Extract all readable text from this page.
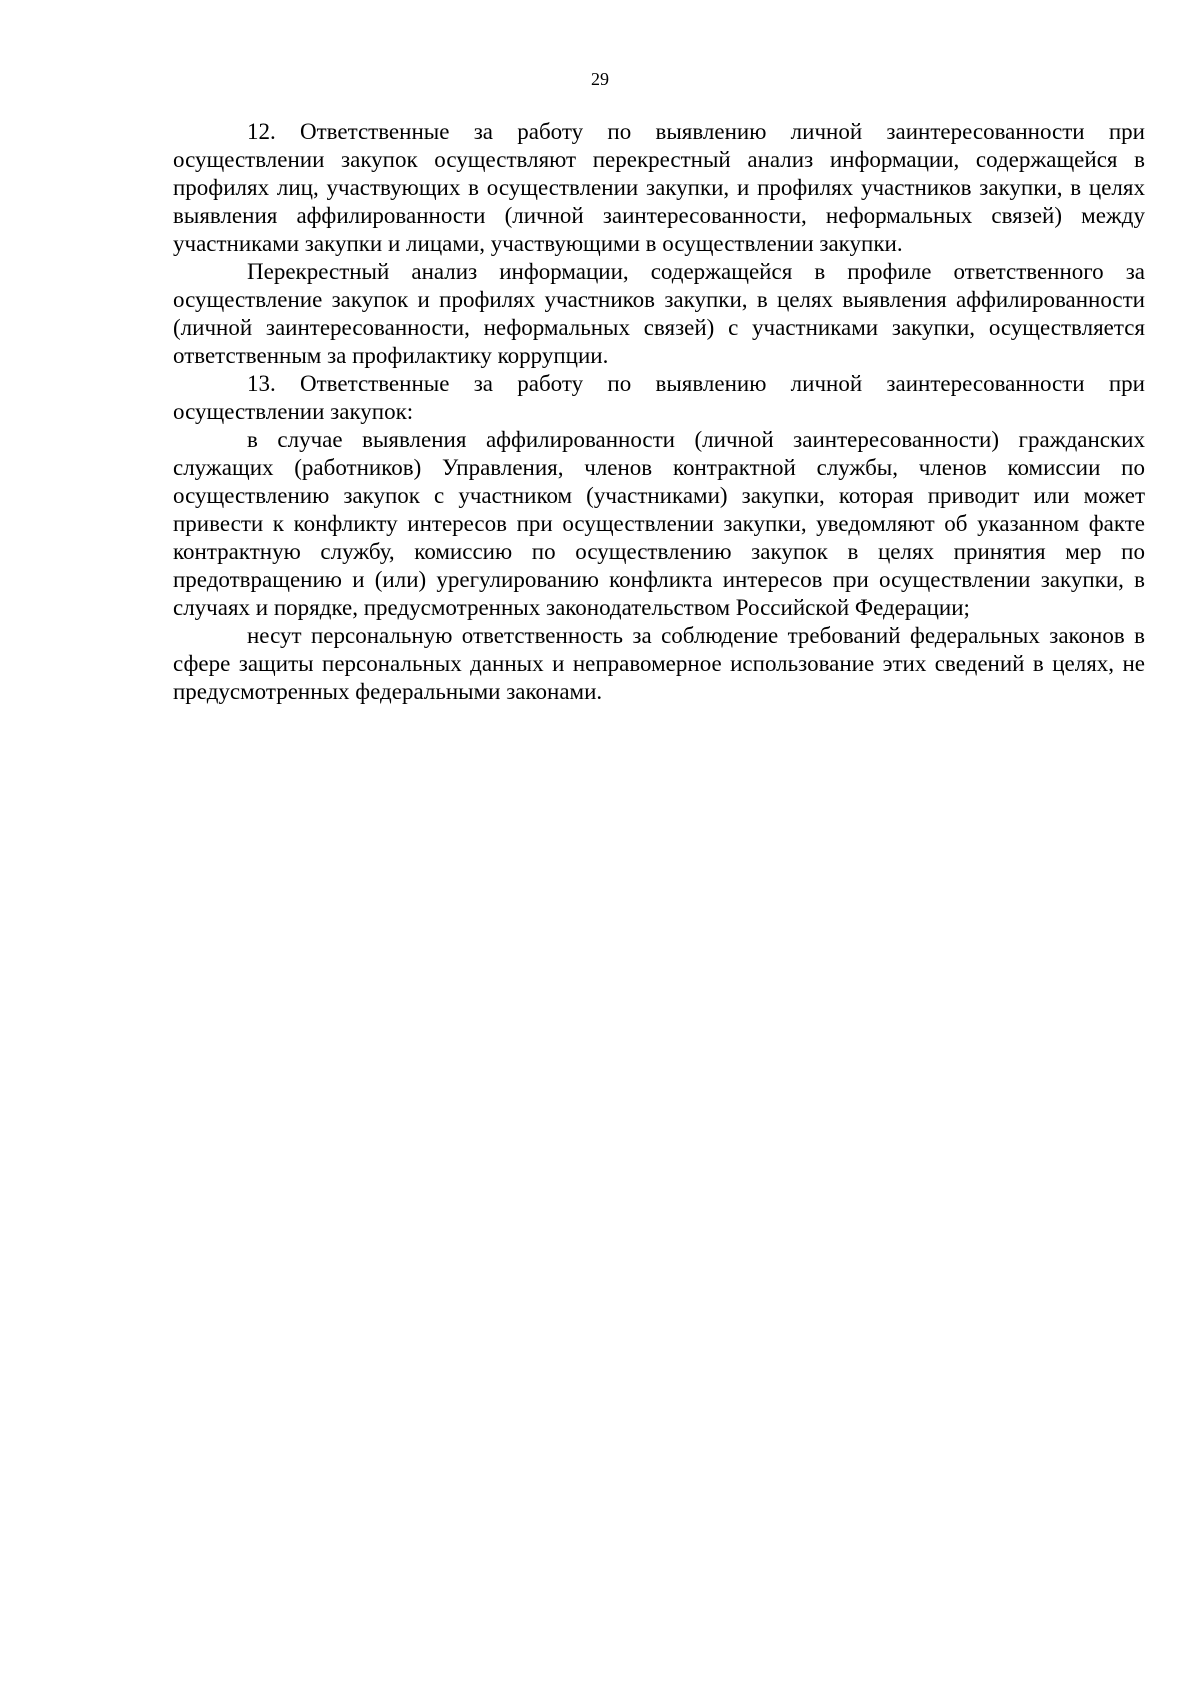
29

12. Ответственные за работу по выявлению личной заинтересованности при осуществлении закупок осуществляют перекрестный анализ информации, содержащейся в профилях лиц, участвующих в осуществлении закупки, и профилях участников закупки, в целях выявления аффилированности (личной заинтересованности, неформальных связей) между участниками закупки и лицами, участвующими в осуществлении закупки.

Перекрестный анализ информации, содержащейся в профиле ответственного за осуществление закупок и профилях участников закупки, в целях выявления аффилированности (личной заинтересованности, неформальных связей) с участниками закупки, осуществляется ответственным за профилактику коррупции.

13. Ответственные за работу по выявлению личной заинтересованности при осуществлении закупок:

в случае выявления аффилированности (личной заинтересованности) гражданских служащих (работников) Управления, членов контрактной службы, членов комиссии по осуществлению закупок с участником (участниками) закупки, которая приводит или может привести к конфликту интересов при осуществлении закупки, уведомляют об указанном факте контрактную службу, комиссию по осуществлению закупок в целях принятия мер по предотвращению и (или) урегулированию конфликта интересов при осуществлении закупки, в случаях и порядке, предусмотренных законодательством Российской Федерации;

несут персональную ответственность за соблюдение требований федеральных законов в сфере защиты персональных данных и неправомерное использование этих сведений в целях, не предусмотренных федеральными законами.
